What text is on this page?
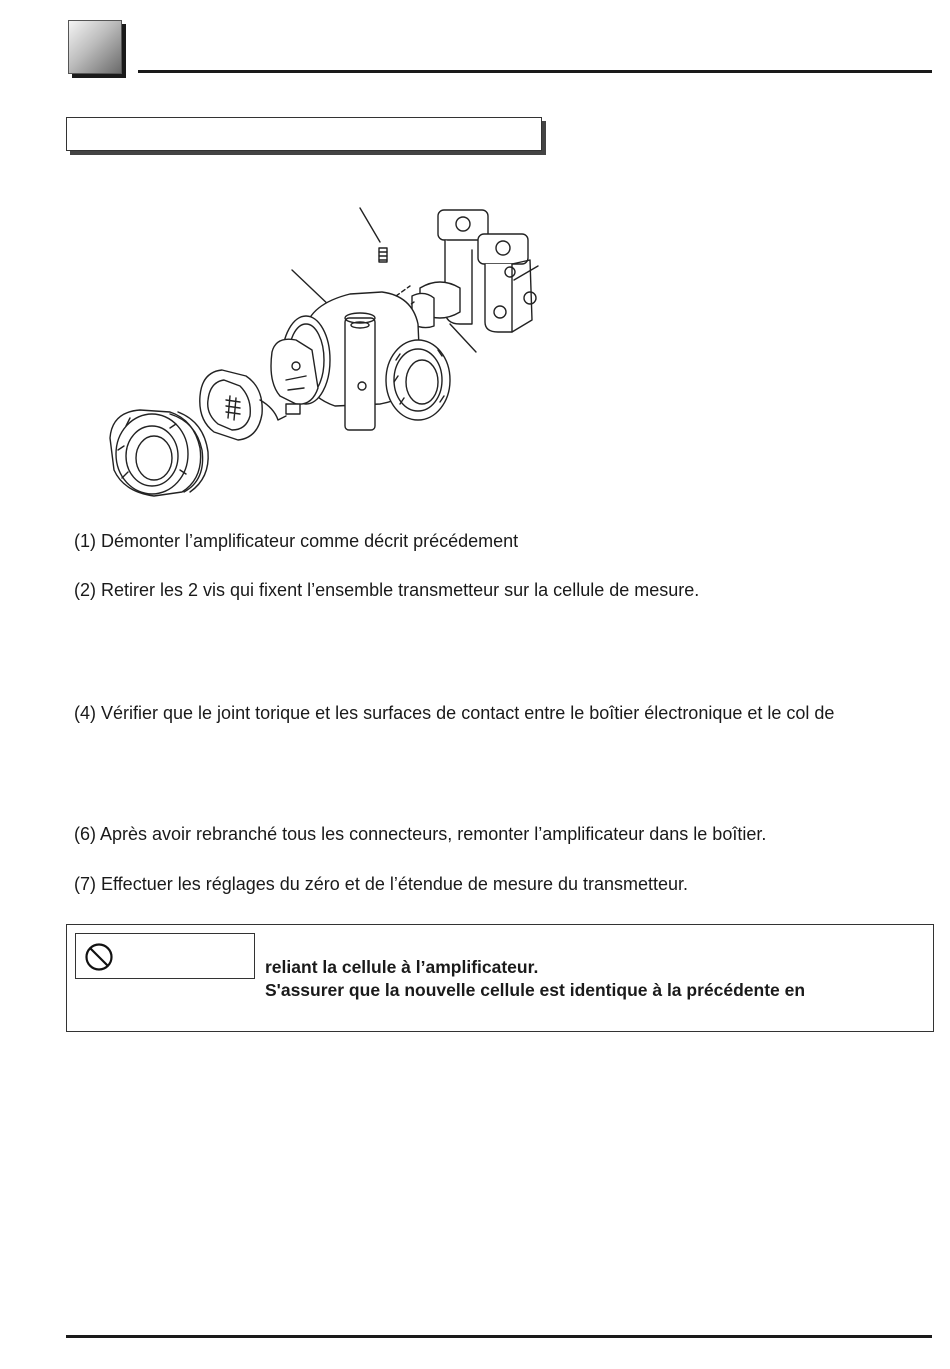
(1) Démonter l’amplificateur comme décrit précédement
(2) Retirer les 2 vis qui fixent l’ensemble transmetteur sur la cellule de mesure.
(4) Vérifier que le joint torique et les surfaces de contact entre le boîtier électronique et le col de
(6) Après avoir rebranché tous les connecteurs, remonter l’amplificateur dans le boîtier.
(7) Effectuer les réglages du zéro et de l’étendue de mesure du transmetteur.
reliant la cellule à l’amplificateur.
S'assurer que la nouvelle cellule est identique à la précédente en
